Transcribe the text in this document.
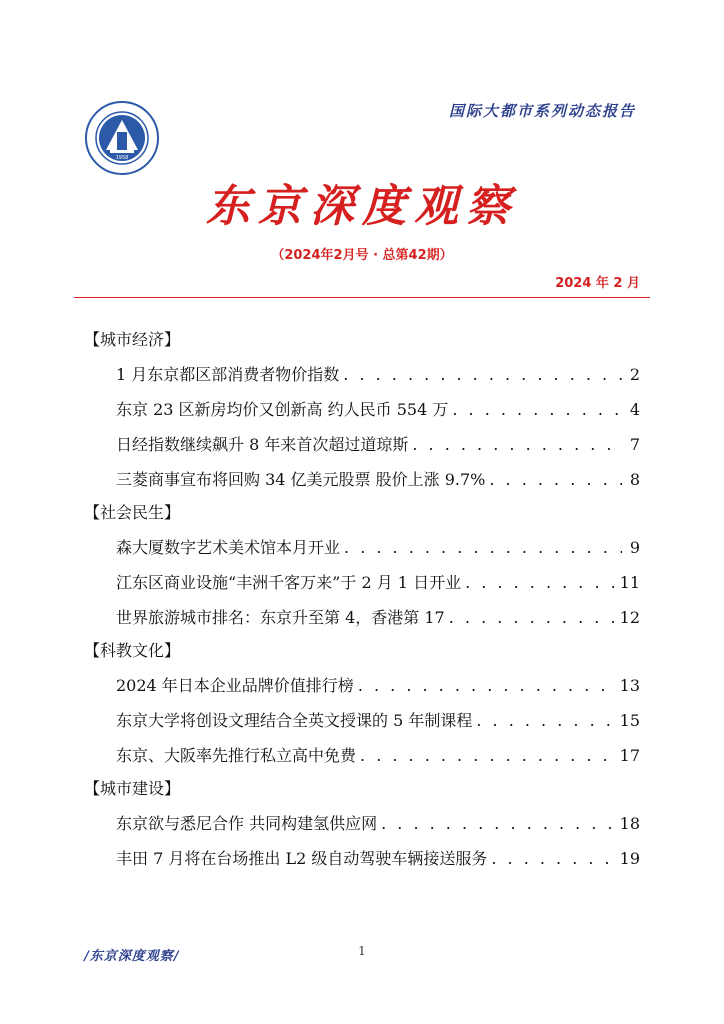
1958
国际大都市系列动态报告
东京深度观察
（2024年2月号 · 总第42期）
2024 年 2 月
【城市经济】
1 月东京都区部消费者物价指数 . . .	2
东京 23 区新房均价又创新高 约人民币 554 万 . . .	4
日经指数继续飙升 8 年来首次超过道琼斯 . . .	7
三菱商事宣布将回购 34 亿美元股票 股价上涨 9.7% . . .	8
【社会民生】
森大厦数字艺术美术馆本月开业 . . .	9
江东区商业设施“丰洲千客万来”于 2 月 1 日开业 . . .	11
世界旅游城市排名：东京升至第 4，香港第 17 . . .	12
【科教文化】
2024 年日本企业品牌价值排行榜 . . .	13
东京大学将创设文理结合全英文授课的 5 年制课程 . . .	15
东京、大阪率先推行私立高中免费 . . .	17
【城市建设】
东京欲与悉尼合作 共同构建氢供应网 . . .	18
丰田 7 月将在台场推出 L2 级自动驾驶车辆接送服务 . . .	19
/东京深度观察/	1
